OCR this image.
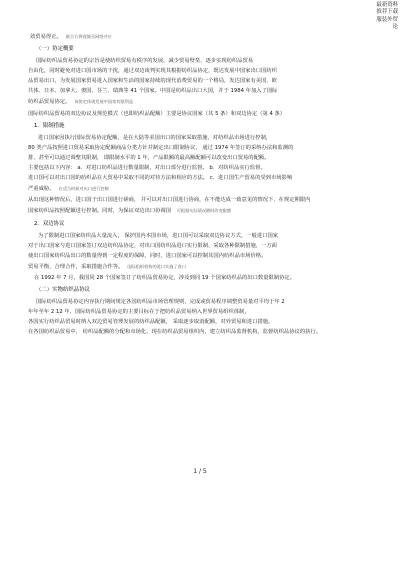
最新资料
推荐下载
服装外贸
论
效贸易得正。 联合方将视频买网络并应
（一）协定概要
国际纺织品贸易协定的宗旨是使纺织贸易有秩序的发展，减少贸易壁垒，逐步实现纺织品贸易
自由化，同时避免对进口国市场的干扰，通过双边谈判实现其根据纺织品协定，既达发展中国家出口国纺织
品贸易出口，为发展国家贸易进入国家和生活的国家持续的现代消费贸易的一个格局，发达国家有美国、欧
共体、日本、加拿大、奥国、芬兰、瑞典等 41 个国家。中国是纺织品出口大国，并于 1984 年加入了国际
纺织品贸易协定。 该协定体现发展中国家有限利益
国际纺织品贸易的双边协议及规范模式（也即纺织品配额）主要是协议国家（其 5 条）和双边协定（第 4 条）
1．限制措施
进口国家因执行国际贸易协定配额，是在大陆等美国出口的国家采取措施，对纺织品市场进行控制，
80 类产品按照进口贸易采取协定配额商品分类方针并制定出口限制协议， 通过 1974 年签订的采纳办法和监测的
排，甚至可以通过调整其限制， 即限制水平的 1 年，产品限额的最高额配额可以改变出口贸易的配额。
主要包括以下内容： a．对进口纺织品进行数量限制，对出口部分进行监督。 b．对纺织品实行监督。
进口国可以对出口国的纺织品在大贸易中采取不同的对待方法和相应的方法。 c．进口国生产贸易的受到市场影响
严重威胁。 在适当时候对出口进行控制
从出现这种情况后，进口国于出口国进行磋商， 并可以对出口国进行协商，在不能达成一致意见的情况下，在规定期限内
国家纺织品按照配额进行控制。同时，为保证双边出口协调国 可根据实际情况随时改变配额
2．双边协议
为了限制进口国家纺织品大量流入， 保护国内本国市场，进口国可以采取双边协议方式，一般进口国家
对于出口国家与进口国家签订双边纺织品协定，对出口国纺织品进口实行限制，采取各种限制措施，一方面
使出口国家纺织品出口的数量得到一定程度的保障，同时，进口国家可以控制其国内纺织品市场价格。
贸易平衡，合理合作，采取措施合作等。 国际组织机构的进口实施了进口
在 1992 年 7 月，我国同 28 个国家签订了纺织品贸易协定，涉及到同 19 个国家纺织品的出口数量限制协定。
（二）实物纺织品协议
国际纺织品贸易协定内容执行期间规定各国纺织品市场管理规则，完成或贸易程序调整贸易量对平均于年 2
年年至年 2 12 年，国际纺织品贸易协定的主要目标在于把纺织品贸易纳入世界贸易组织体制，
各国实行纺织品贸易时纳入双边贸易管理发展的纺织品配额， 采取逐步取消配额，对外贸易和进口措施。
在各国纺织品贸易中， 纺织品配额的分配和市场化，现在纺织品贸易组织内，建立纺织品监督机构，监督纺织品协议的执行。
1 / 5
